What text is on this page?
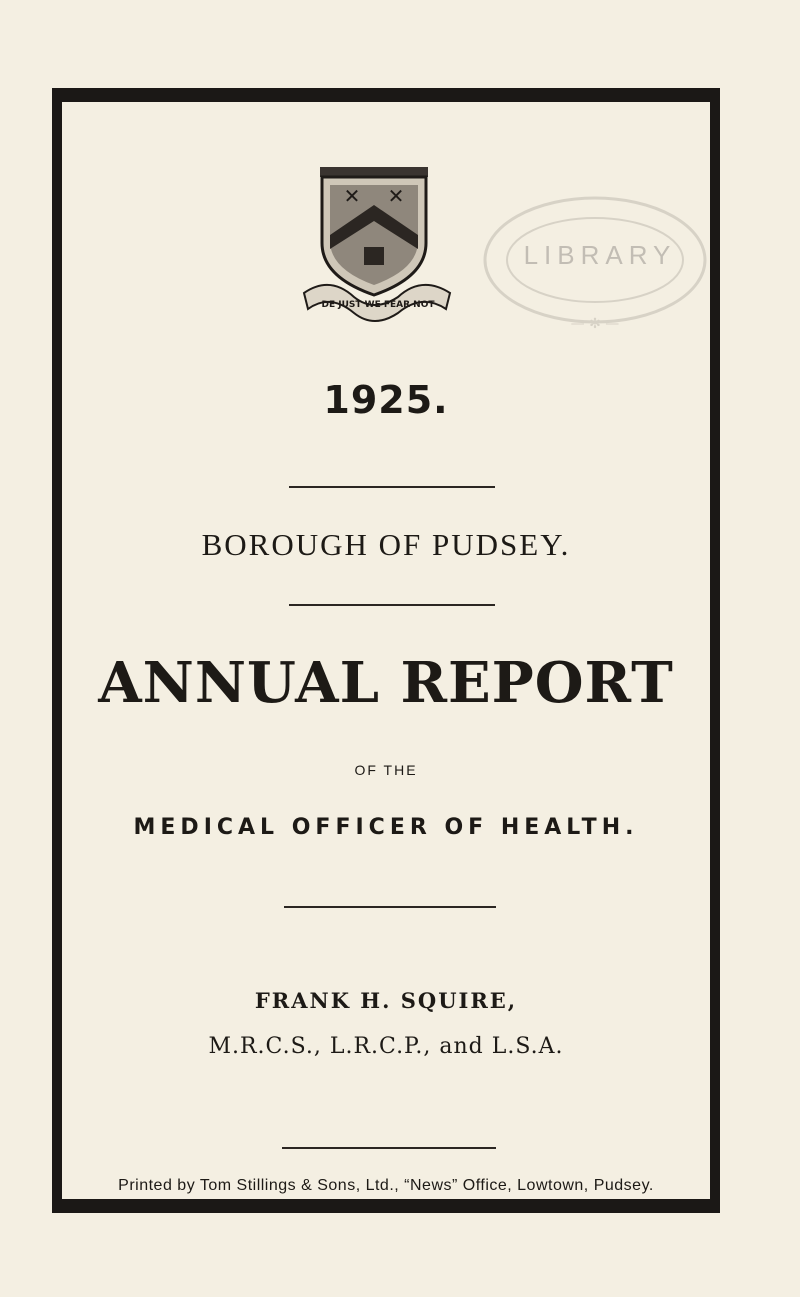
— ✻ —
LIBRARY
✕ ✕
DE JUST WE FEAR NOT
1925.
BOROUGH OF PUDSEY.
ANNUAL REPORT
OF THE
MEDICAL OFFICER OF HEALTH.
FRANK H. SQUIRE,
M.R.C.S., L.R.C.P., and L.S.A.
Printed by Tom Stillings & Sons, Ltd., “News” Office, Lowtown, Pudsey.
